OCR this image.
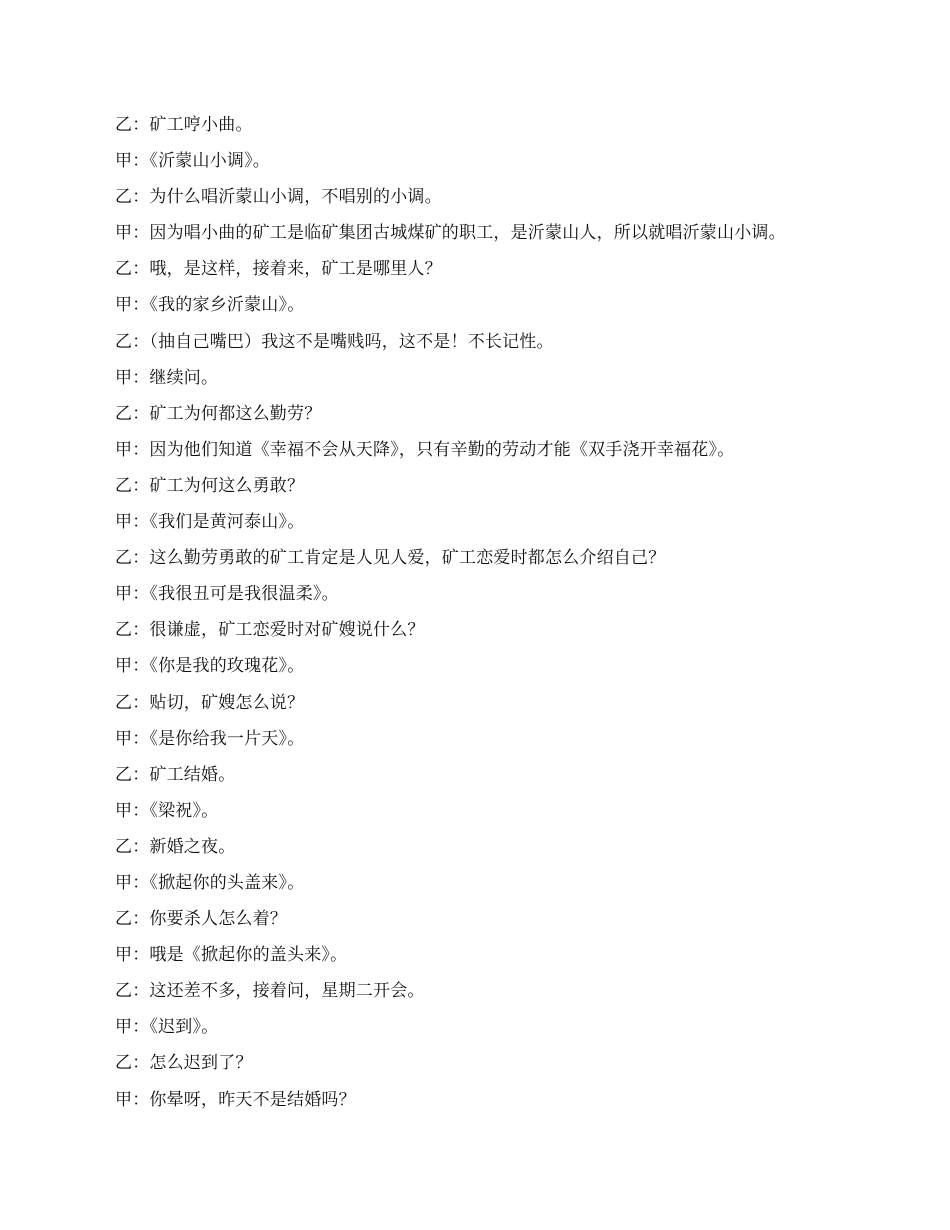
乙：矿工哼小曲。
甲：《沂蒙山小调》。
乙：为什么唱沂蒙山小调，不唱别的小调。
甲：因为唱小曲的矿工是临矿集团古城煤矿的职工，是沂蒙山人，所以就唱沂蒙山小调。
乙：哦，是这样，接着来，矿工是哪里人？
甲：《我的家乡沂蒙山》。
乙：（抽自己嘴巴）我这不是嘴贱吗，这不是！不长记性。
甲：继续问。
乙：矿工为何都这么勤劳？
甲：因为他们知道《幸福不会从天降》，只有辛勤的劳动才能《双手浇开幸福花》。
乙：矿工为何这么勇敢？
甲：《我们是黄河泰山》。
乙：这么勤劳勇敢的矿工肯定是人见人爱，矿工恋爱时都怎么介绍自己？
甲：《我很丑可是我很温柔》。
乙：很谦虚，矿工恋爱时对矿嫂说什么？
甲：《你是我的玫瑰花》。
乙：贴切，矿嫂怎么说？
甲：《是你给我一片天》。
乙：矿工结婚。
甲：《梁祝》。
乙：新婚之夜。
甲：《掀起你的头盖来》。
乙：你要杀人怎么着？
甲：哦是《掀起你的盖头来》。
乙：这还差不多，接着问，星期二开会。
甲：《迟到》。
乙：怎么迟到了？
甲：你晕呀，昨天不是结婚吗？
